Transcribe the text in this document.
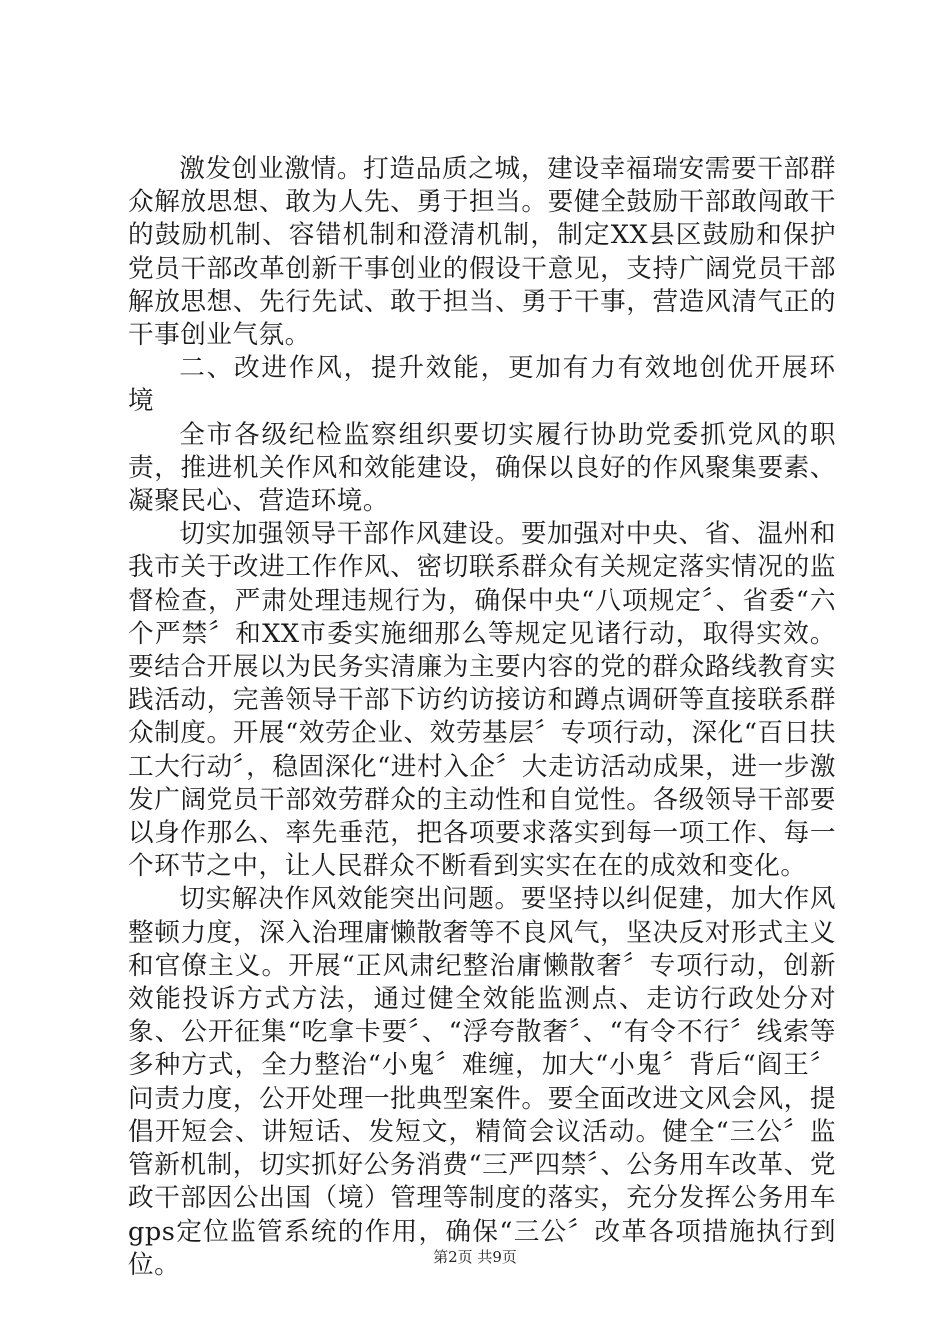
激发创业激情。打造品质之城，建设幸福瑞安需要干部群众解放思想、敢为人先、勇于担当。要健全鼓励干部敢闯敢干的鼓励机制、容错机制和澄清机制，制定XX县区鼓励和保护党员干部改革创新干事创业的假设干意见，支持广阔党员干部解放思想、先行先试、敢于担当、勇于干事，营造风清气正的干事创业气氛。

二、改进作风，提升效能，更加有力有效地创优开展环境

全市各级纪检监察组织要切实履行协助党委抓党风的职责，推进机关作风和效能建设，确保以良好的作风聚集要素、凝聚民心、营造环境。

切实加强领导干部作风建设。要加强对中央、省、温州和我市关于改进工作作风、密切联系群众有关规定落实情况的监督检查，严肃处理违规行为，确保中央“八项规定〞、省委“六个严禁〞和XX市委实施细那么等规定见诸行动，取得实效。要结合开展以为民务实清廉为主要内容的党的群众路线教育实践活动，完善领导干部下访约访接访和蹲点调研等直接联系群众制度。开展“效劳企业、效劳基层〞专项行动，深化“百日扶工大行动〞，稳固深化“进村入企〞大走访活动成果，进一步激发广阔党员干部效劳群众的主动性和自觉性。各级领导干部要以身作那么、率先垂范，把各项要求落实到每一项工作、每一个环节之中，让人民群众不断看到实实在在的成效和变化。

切实解决作风效能突出问题。要坚持以纠促建，加大作风整顿力度，深入治理庸懒散奢等不良风气，坚决反对形式主义和官僚主义。开展“正风肃纪整治庸懒散奢〞专项行动，创新效能投诉方式方法，通过健全效能监测点、走访行政处分对象、公开征集“吃拿卡要〞、“浮夸散奢〞、“有令不行〞线索等多种方式，全力整治“小鬼〞难缠，加大“小鬼〞背后“阎王〞问责力度，公开处理一批典型案件。要全面改进文风会风，提倡开短会、讲短话、发短文，精简会议活动。健全“三公〞监管新机制，切实抓好公务消费“三严四禁〞、公务用车改革、党政干部因公出国（境）管理等制度的落实，充分发挥公务用车gps定位监管系统的作用，确保“三公〞改革各项措施执行到位。	第2页 共9页
